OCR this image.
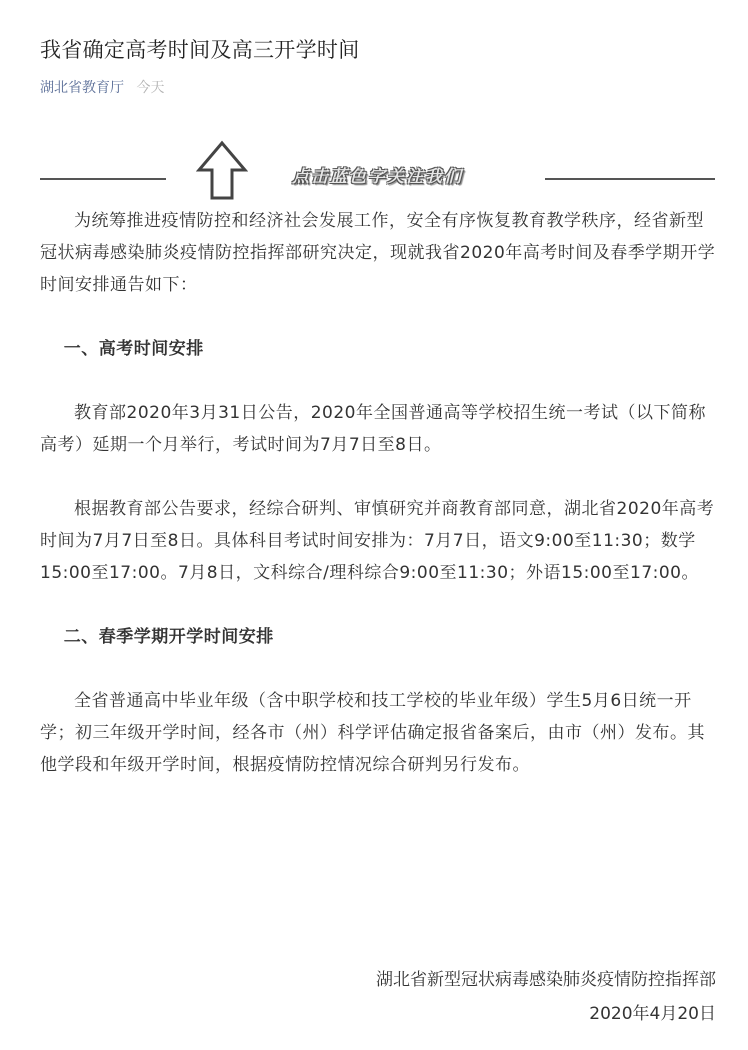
我省确定高考时间及高三开学时间
湖北省教育厅 今天
点击蓝色字关注我们

为统筹推进疫情防控和经济社会发展工作，安全有序恢复教育教学秩序，经省新型冠状病毒感染肺炎疫情防控指挥部研究决定，现就我省2020年高考时间及春季学期开学时间安排通告如下：

一、高考时间安排

教育部2020年3月31日公告，2020年全国普通高等学校招生统一考试（以下简称高考）延期一个月举行，考试时间为7月7日至8日。

根据教育部公告要求，经综合研判、审慎研究并商教育部同意，湖北省2020年高考时间为7月7日至8日。具体科目考试时间安排为：7月7日，语文9:00至11:30；数学15:00至17:00。7月8日，文科综合/理科综合9:00至11:30；外语15:00至17:00。

二、春季学期开学时间安排

全省普通高中毕业年级（含中职学校和技工学校的毕业年级）学生5月6日统一开学；初三年级开学时间，经各市（州）科学评估确定报省备案后，由市（州）发布。其他学段和年级开学时间，根据疫情防控情况综合研判另行发布。

湖北省新型冠状病毒感染肺炎疫情防控指挥部
2020年4月20日
